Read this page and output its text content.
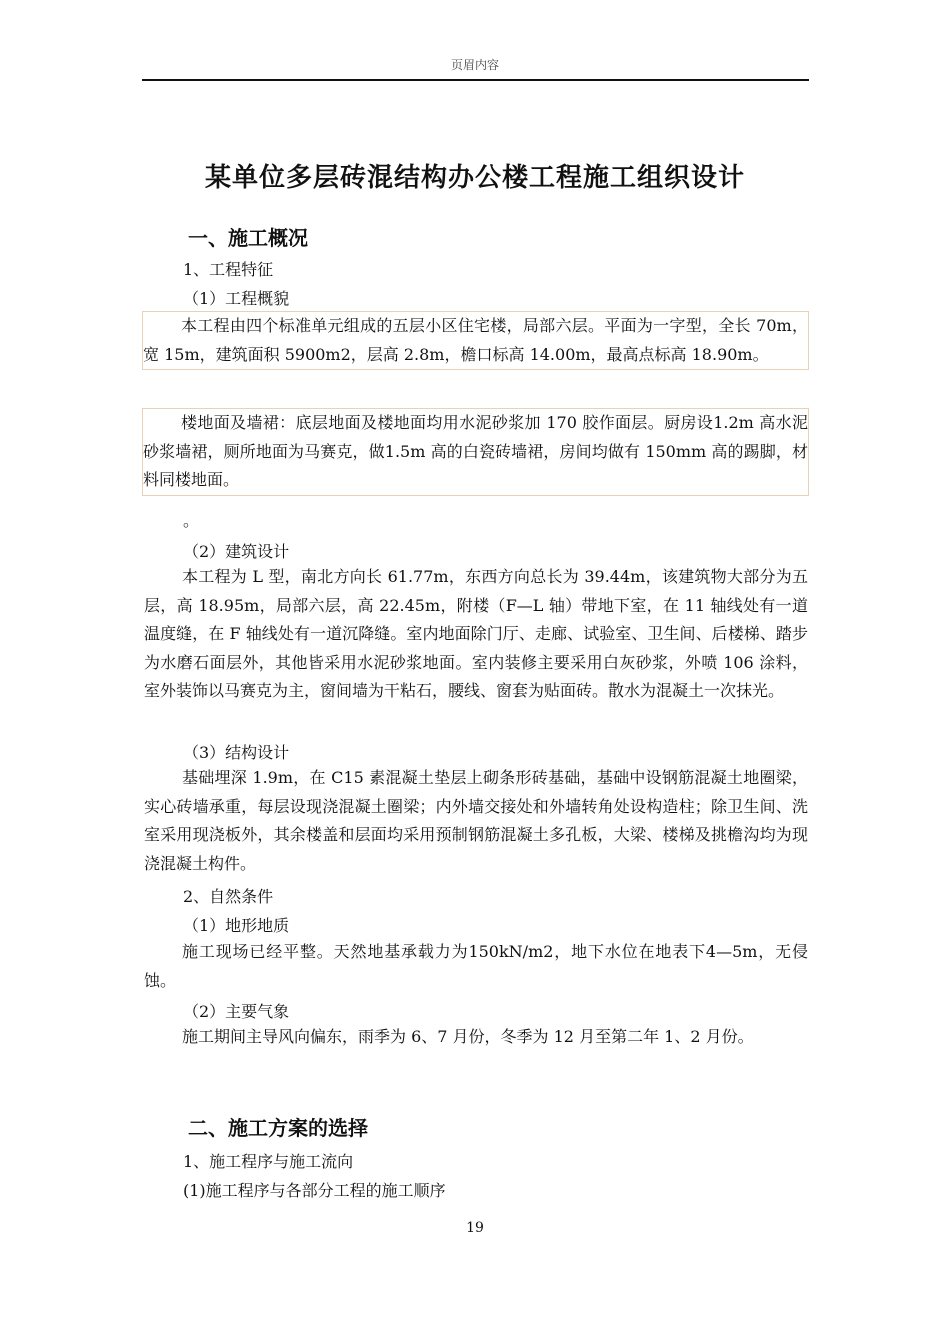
页眉内容
某单位多层砖混结构办公楼工程施工组织设计
一、施工概况
1、工程特征
（1）工程概貌
本工程由四个标准单元组成的五层小区住宅楼，局部六层。平面为一字型，全长 70m，宽 15m，建筑面积 5900m2，层高 2.8m，檐口标高 14.00m，最高点标高 18.90m。
楼地面及墙裙：底层地面及楼地面均用水泥砂浆加 170 胶作面层。厨房设1.2m 高水泥砂浆墙裙，厕所地面为马赛克，做1.5m 高的白瓷砖墙裙，房间均做有 150mm 高的踢脚，材料同楼地面。
。
（2）建筑设计
本工程为 L 型，南北方向长 61.77m，东西方向总长为 39.44m，该建筑物大部分为五层，高 18.95m，局部六层，高 22.45m，附楼（F—L 轴）带地下室，在 11 轴线处有一道温度缝，在 F 轴线处有一道沉降缝。室内地面除门厅、走廊、试验室、卫生间、后楼梯、踏步为水磨石面层外，其他皆采用水泥砂浆地面。室内装修主要采用白灰砂浆，外喷 106 涂料，室外装饰以马赛克为主，窗间墙为干粘石，腰线、窗套为贴面砖。散水为混凝土一次抹光。
（3）结构设计
基础埋深 1.9m，在 C15 素混凝土垫层上砌条形砖基础，基础中设钢筋混凝土地圈梁，实心砖墙承重，每层设现浇混凝土圈梁；内外墙交接处和外墙转角处设构造柱；除卫生间、洗室采用现浇板外，其余楼盖和层面均采用预制钢筋混凝土多孔板，大梁、楼梯及挑檐沟均为现浇混凝土构件。
2、自然条件
（1）地形地质
施工现场已经平整。天然地基承载力为150kN/m2，地下水位在地表下4—5m，无侵蚀。
（2）主要气象
施工期间主导风向偏东，雨季为 6、7 月份，冬季为 12 月至第二年 1、2 月份。
二、施工方案的选择
1、施工程序与施工流向
(1)施工程序与各部分工程的施工顺序
19
